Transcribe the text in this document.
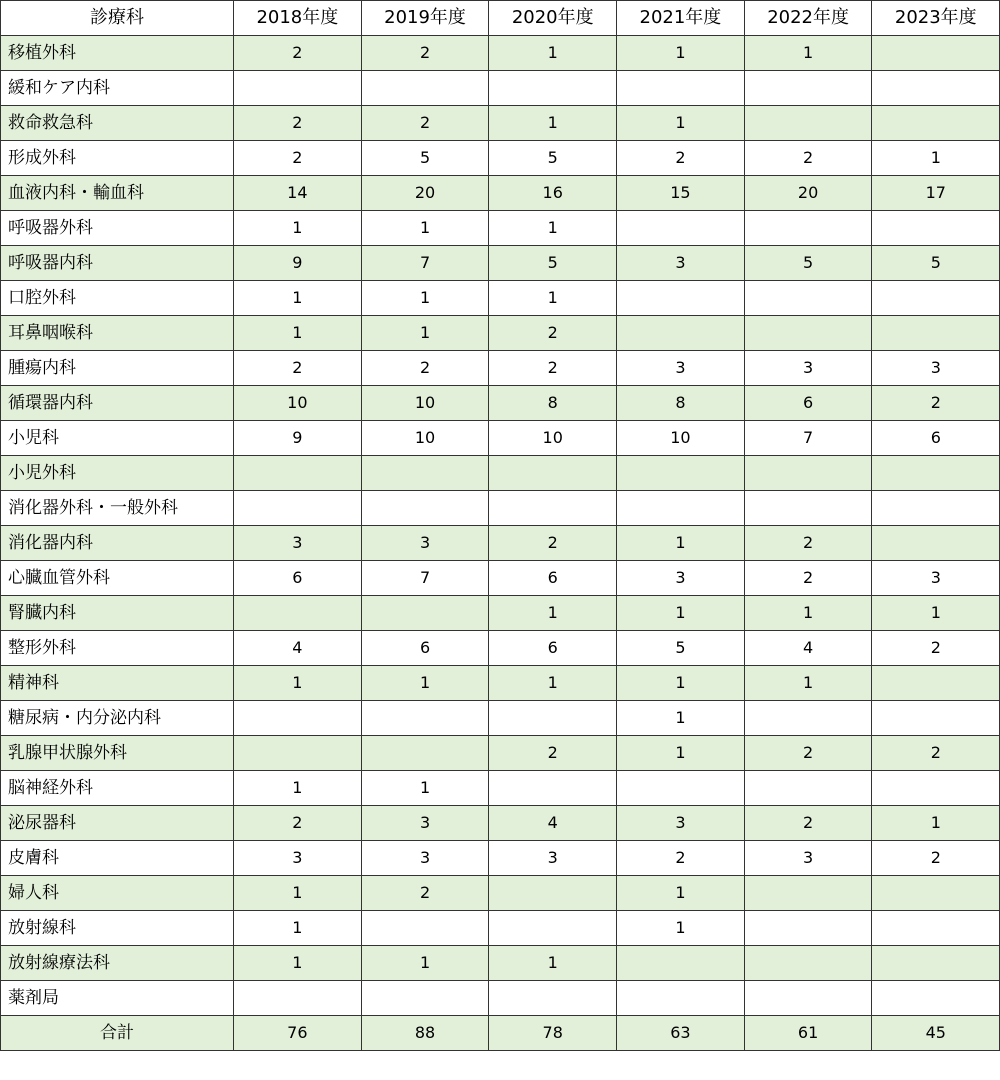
診療科	2018年度	2019年度	2020年度	2021年度	2022年度	2023年度
移植外科	2	2	1	1	1	
緩和ケア内科						
救命救急科	2	2	1	1		
形成外科	2	5	5	2	2	1
血液内科・輸血科	14	20	16	15	20	17
呼吸器外科	1	1	1			
呼吸器内科	9	7	5	3	5	5
口腔外科	1	1	1			
耳鼻咽喉科	1	1	2			
腫瘍内科	2	2	2	3	3	3
循環器内科	10	10	8	8	6	2
小児科	9	10	10	10	7	6
小児外科						
消化器外科・一般外科						
消化器内科	3	3	2	1	2	
心臓血管外科	6	7	6	3	2	3
腎臓内科			1	1	1	1
整形外科	4	6	6	5	4	2
精神科	1	1	1	1	1	
糖尿病・内分泌内科				1		
乳腺甲状腺外科			2	1	2	2
脳神経外科	1	1				
泌尿器科	2	3	4	3	2	1
皮膚科	3	3	3	2	3	2
婦人科	1	2		1		
放射線科	1			1		
放射線療法科	1	1	1			
薬剤局						
合計	76	88	78	63	61	45
